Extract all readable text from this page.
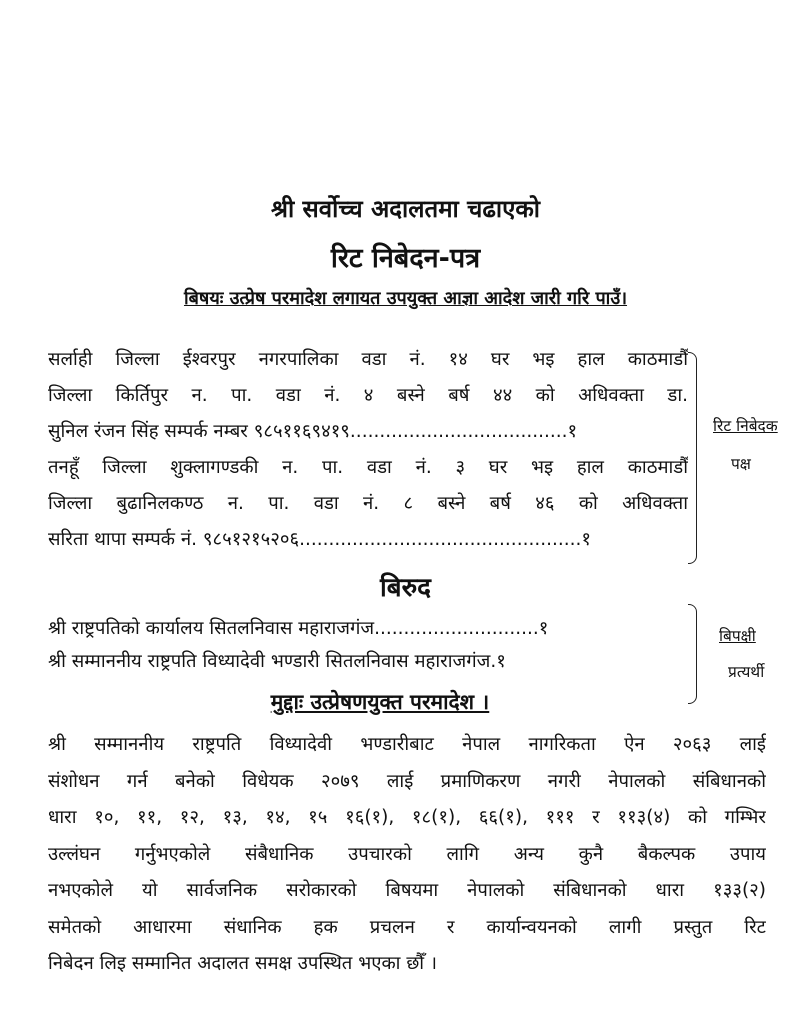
श्री सर्वोच्च अदालतमा चढाएको
रिट निबेदन-पत्र
बिषयः उत्प्रेष परमादेश लगायत उपयुक्त आज्ञा आदेश जारी गरि पाउँ।

सर्लाही जिल्ला ईश्वरपुर नगरपालिका वडा नं. १४ घर भइ हाल काठमाडौँ

जिल्ला किर्तिपुर न. पा. वडा नं. ४ बस्ने बर्ष ४४ को अधिवक्ता डा.

सुनिल रंजन सिंह सम्पर्क नम्बर ९८५११६९४१९.....................................१

तनहूँ जिल्ला शुक्लागण्डकी न. पा. वडा नं. ३ घर भइ हाल काठमाडौँ

जिल्ला बुढानिलकण्ठ न. पा. वडा नं. ८ बस्ने बर्ष ४६ को अधिवक्ता

सरिता थापा सम्पर्क नं. ९८५१२१५२०६................................................१

रिट निबेदक
पक्ष
बिरुद

श्री राष्ट्रपतिको कार्यालय सितलनिवास महाराजगंज............................१

श्री सम्माननीय राष्ट्रपति विध्यादेवी भण्डारी सितलनिवास महाराजगंज.१

बिपक्षी
प्रत्यर्थी
मुद्दाः उत्प्रेषणयुक्त परमादेश ।

श्री सम्माननीय राष्ट्रपति विध्यादेवी भण्डारीबाट नेपाल नागरिकता ऐन २०६३ लाई

संशोधन गर्न बनेको विधेयक २०७९ लाई प्रमाणिकरण नगरी नेपालको संबिधानको

धारा १०, ११, १२, १३, १४, १५ १६(१), १८(१), ६६(१), १११ र ११३(४) को गम्भिर

उल्लंघन गर्नुभएकोले संबैधानिक उपचारको लागि अन्य कुनै बैकल्पक उपाय

नभएकोले यो सार्वजनिक सरोकारको बिषयमा नेपालको संबिधानको धारा १३३(२)

समेतको आधारमा संधानिक हक प्रचलन र कार्यान्वयनको लागी प्रस्तुत रिट

निबेदन लिइ सम्मानित अदालत समक्ष उपस्थित भएका छौँ ।
